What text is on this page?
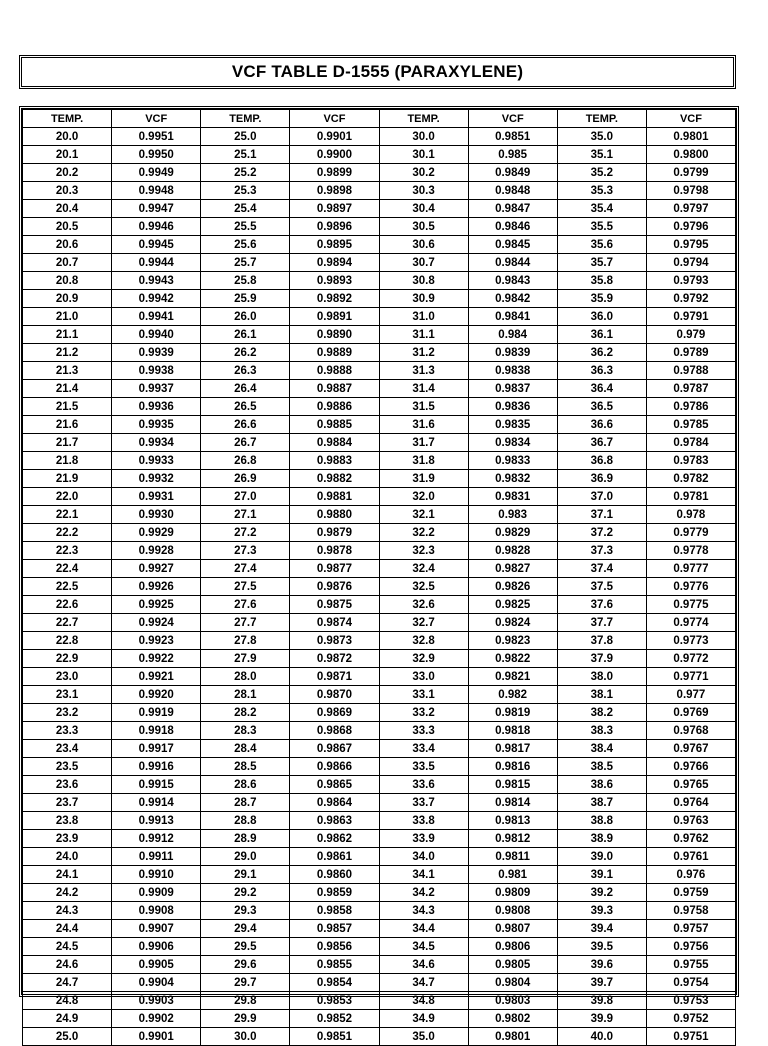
VCF TABLE D-1555 (PARAXYLENE)
TEMP.	VCF	TEMP.	VCF	TEMP.	VCF	TEMP.	VCF
20.0	0.9951	25.0	0.9901	30.0	0.9851	35.0	0.9801
20.1	0.9950	25.1	0.9900	30.1	0.985	35.1	0.9800
20.2	0.9949	25.2	0.9899	30.2	0.9849	35.2	0.9799
20.3	0.9948	25.3	0.9898	30.3	0.9848	35.3	0.9798
20.4	0.9947	25.4	0.9897	30.4	0.9847	35.4	0.9797
20.5	0.9946	25.5	0.9896	30.5	0.9846	35.5	0.9796
20.6	0.9945	25.6	0.9895	30.6	0.9845	35.6	0.9795
20.7	0.9944	25.7	0.9894	30.7	0.9844	35.7	0.9794
20.8	0.9943	25.8	0.9893	30.8	0.9843	35.8	0.9793
20.9	0.9942	25.9	0.9892	30.9	0.9842	35.9	0.9792
21.0	0.9941	26.0	0.9891	31.0	0.9841	36.0	0.9791
21.1	0.9940	26.1	0.9890	31.1	0.984	36.1	0.979
21.2	0.9939	26.2	0.9889	31.2	0.9839	36.2	0.9789
21.3	0.9938	26.3	0.9888	31.3	0.9838	36.3	0.9788
21.4	0.9937	26.4	0.9887	31.4	0.9837	36.4	0.9787
21.5	0.9936	26.5	0.9886	31.5	0.9836	36.5	0.9786
21.6	0.9935	26.6	0.9885	31.6	0.9835	36.6	0.9785
21.7	0.9934	26.7	0.9884	31.7	0.9834	36.7	0.9784
21.8	0.9933	26.8	0.9883	31.8	0.9833	36.8	0.9783
21.9	0.9932	26.9	0.9882	31.9	0.9832	36.9	0.9782
22.0	0.9931	27.0	0.9881	32.0	0.9831	37.0	0.9781
22.1	0.9930	27.1	0.9880	32.1	0.983	37.1	0.978
22.2	0.9929	27.2	0.9879	32.2	0.9829	37.2	0.9779
22.3	0.9928	27.3	0.9878	32.3	0.9828	37.3	0.9778
22.4	0.9927	27.4	0.9877	32.4	0.9827	37.4	0.9777
22.5	0.9926	27.5	0.9876	32.5	0.9826	37.5	0.9776
22.6	0.9925	27.6	0.9875	32.6	0.9825	37.6	0.9775
22.7	0.9924	27.7	0.9874	32.7	0.9824	37.7	0.9774
22.8	0.9923	27.8	0.9873	32.8	0.9823	37.8	0.9773
22.9	0.9922	27.9	0.9872	32.9	0.9822	37.9	0.9772
23.0	0.9921	28.0	0.9871	33.0	0.9821	38.0	0.9771
23.1	0.9920	28.1	0.9870	33.1	0.982	38.1	0.977
23.2	0.9919	28.2	0.9869	33.2	0.9819	38.2	0.9769
23.3	0.9918	28.3	0.9868	33.3	0.9818	38.3	0.9768
23.4	0.9917	28.4	0.9867	33.4	0.9817	38.4	0.9767
23.5	0.9916	28.5	0.9866	33.5	0.9816	38.5	0.9766
23.6	0.9915	28.6	0.9865	33.6	0.9815	38.6	0.9765
23.7	0.9914	28.7	0.9864	33.7	0.9814	38.7	0.9764
23.8	0.9913	28.8	0.9863	33.8	0.9813	38.8	0.9763
23.9	0.9912	28.9	0.9862	33.9	0.9812	38.9	0.9762
24.0	0.9911	29.0	0.9861	34.0	0.9811	39.0	0.9761
24.1	0.9910	29.1	0.9860	34.1	0.981	39.1	0.976
24.2	0.9909	29.2	0.9859	34.2	0.9809	39.2	0.9759
24.3	0.9908	29.3	0.9858	34.3	0.9808	39.3	0.9758
24.4	0.9907	29.4	0.9857	34.4	0.9807	39.4	0.9757
24.5	0.9906	29.5	0.9856	34.5	0.9806	39.5	0.9756
24.6	0.9905	29.6	0.9855	34.6	0.9805	39.6	0.9755
24.7	0.9904	29.7	0.9854	34.7	0.9804	39.7	0.9754
24.8	0.9903	29.8	0.9853	34.8	0.9803	39.8	0.9753
24.9	0.9902	29.9	0.9852	34.9	0.9802	39.9	0.9752
25.0	0.9901	30.0	0.9851	35.0	0.9801	40.0	0.9751
